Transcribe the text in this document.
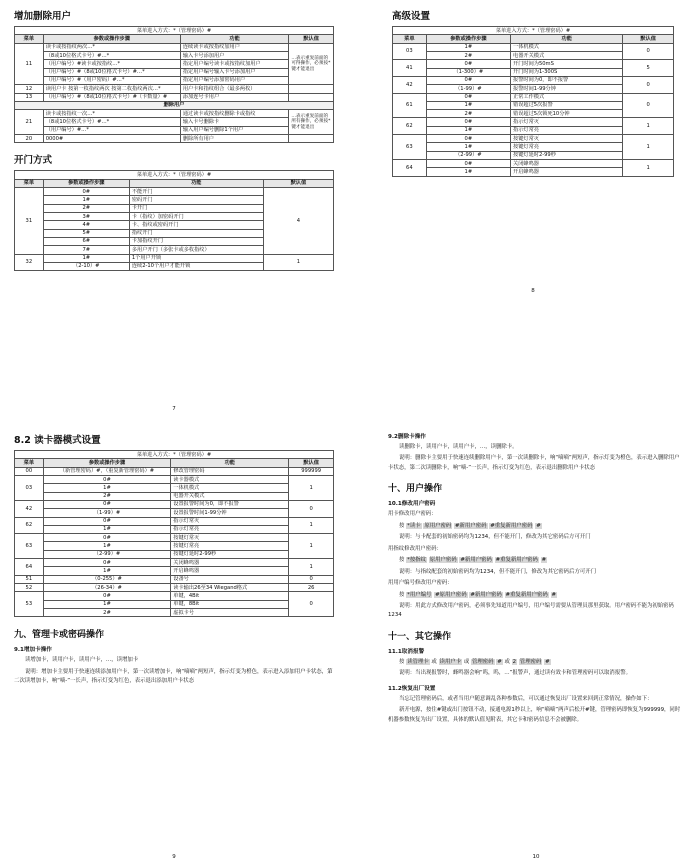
增加删除用户
菜单进入方式：*（管理密码）#			
菜单	参数或操作步骤	功能	默认值
11	读卡或按指纹两次…*	连续读卡或按指纹加用户	…表示重复前面的可得操作，必须按*键才能退出
	（8或10位格式卡号）#…*	输入卡号添加用户	
	（用户编号）#读卡或按指纹…*	指定用户编号读卡或按指纹加用户	
	（用户编号）#（8或10位格式卡号）#…*	指定用户编号输入卡号添加用户	
	（用户编号）#（用户密码）#…*	指定用户编号添加密码用户	
12	读用户卡 按第一枚指纹两次 按第二枚指纹两次…*	用户卡和指纹组合（最多两枚）	
13	（用户编号）#（8或10位格式卡号）#（卡数量）#	添加连号卡用户	
删除用户			
21	读卡或按指纹一次…*	通过读卡或按指纹删除卡或指纹	…表示重复前面的所有操作，必须按*键才能退出
	（8或10位格式卡号）#…*	输入卡号删除卡	
	（用户编号）#…*	输入用户编号删除1个用户	
20	0000#	删除所有用户	
开门方式
菜单进入方式：*（管理密码）#			
菜单	参数或操作步骤	功能	默认值
31	0#	不能开门	4
	1#	密码开门	
	2#	卡开门	
	3#	卡（指纹）加密码开门	
	4#	卡、指纹或密码开门	
	5#	指纹开门	
	6#	卡加指纹开门	
	7#	多用户开门（多张卡或多枚指纹）	
32	1#	1个用户开锁	1
	（2-10）#	连续2-10个用户才能开锁	
7
高级设置
菜单进入方式：*（管理密码）#			
菜单	参数或操作步骤	功能	默认值
03	1#	一体机模式	0
	2#	电器开关模式	
41	0#	开门时间为50mS	5
	（1-300）#	开门时间为1-300S	
42	0#	报警时间为0，即不报警	0
	（1-99）#	报警时间1-99分钟	
61	0#	正常工作模式	0
	1#	错误超过5次报警	
	2#	错误超过5次锁死10分钟	
62	0#	指示灯常灭	1
	1#	指示灯常亮	
63	0#	按键灯常灭	1
	1#	按键灯常亮	
	（2-99）#	按键灯延时2-99秒	
64	0#	关闭蜂鸣器	1
	1#	开启蜂鸣器	
8
8.2 读卡器模式设置
菜单进入方式：*（管理密码）#			
菜单	参数或操作步骤	功能	默认值
00	（新管理密码）#，（重复新管理密码）#	修改管理密码	999999
03	0#	读卡器模式	1
	1#	一体机模式	
	2#	电器开关模式	
42	0#	设置报警时间为0，即不报警	0
	（1-99）#	设置报警时间1-99分钟	
62	0#	指示灯常灭	1
	1#	指示灯常亮	
63	0#	按键灯常灭	1
	1#	按键灯常亮	
	（2-99）#	按键灯延时2-99秒	
64	0#	关闭蜂鸣器	1
	1#	开启蜂鸣器	
51	（0-255）#	设备号	0
52	（26-34）#	读卡输出26至34 Wiegand格式	26
53	0#	单键，4Bit	0
	1#	单键，8Bit	
	2#	虚拟卡号	
九、管理卡或密码操作
9.1增加卡操作

读增加卡，读用户卡，读用户卡，…，读增加卡

说明：增加卡主要用于快速连续添加用户卡，第一次读增加卡，响“嘀嘀”两短声，指示灯变为橙色，表示进入添加用户卡状态，第二次读增加卡，响“嘀-”一长声，指示灯变为红色，表示退出添加用户卡状态

9
9.2删除卡操作

读删除卡，读用户卡，读用户卡，…，读删除卡。

说明：删除卡主要用于快速连续删除用户卡，第一次读删除卡，响“嘀嘀”两短声，指示灯变为橙色，表示进入删除用户卡状态，第二次读删除卡，响“嘀-”一长声，指示灯变为红色，表示退出删除用户卡状态

十、用户操作
10.1修改用户密码

用卡修改用户密码：

按 *读卡 原用户密码 #新用户密码 #重复新用户密码 #

说明：与卡配套的初始密码均为1234，但不能开门，修改为其它密码后方可开门

用指纹修改用户密码：

按 *按指纹 原用户密码 #新用户密码 #重复新用户密码 #

说明：与指纹配套的初始密码均为1234，但不能开门，修改为其它密码后方可开门

用用户编号修改用户密码：

按 *用户编号 #原用户密码 #新用户密码 #重复新用户密码 #

说明：用此方式修改用户密码，必须事先知道用户编号，用户编号需要从管理员那里获取。用户密码不能为初始密码1234

十一、其它操作
11.1取消报警

按 读管理卡 或 读用户卡 或 管理密码 # 或 2 管理密码 #

说明：当出现报警时，蜂鸣器会响“呜，呜，…”报警声，通过读有效卡和管理密码可以取消报警。

11.2恢复出厂设置

当忘记管理密码后，或者当用户随意调乱各种参数后，可以通过恢复出厂设置来回到正常情况，操作如下：

新开电源，按住#键或出门按钮不动，接通电源1秒以上，响“嘀嘀”两声后松开#键，管理密码即恢复为999999，同时机器参数恢复为出厂设置，具体的默认值见附表，其它卡和密码信息不会被删除。

10
